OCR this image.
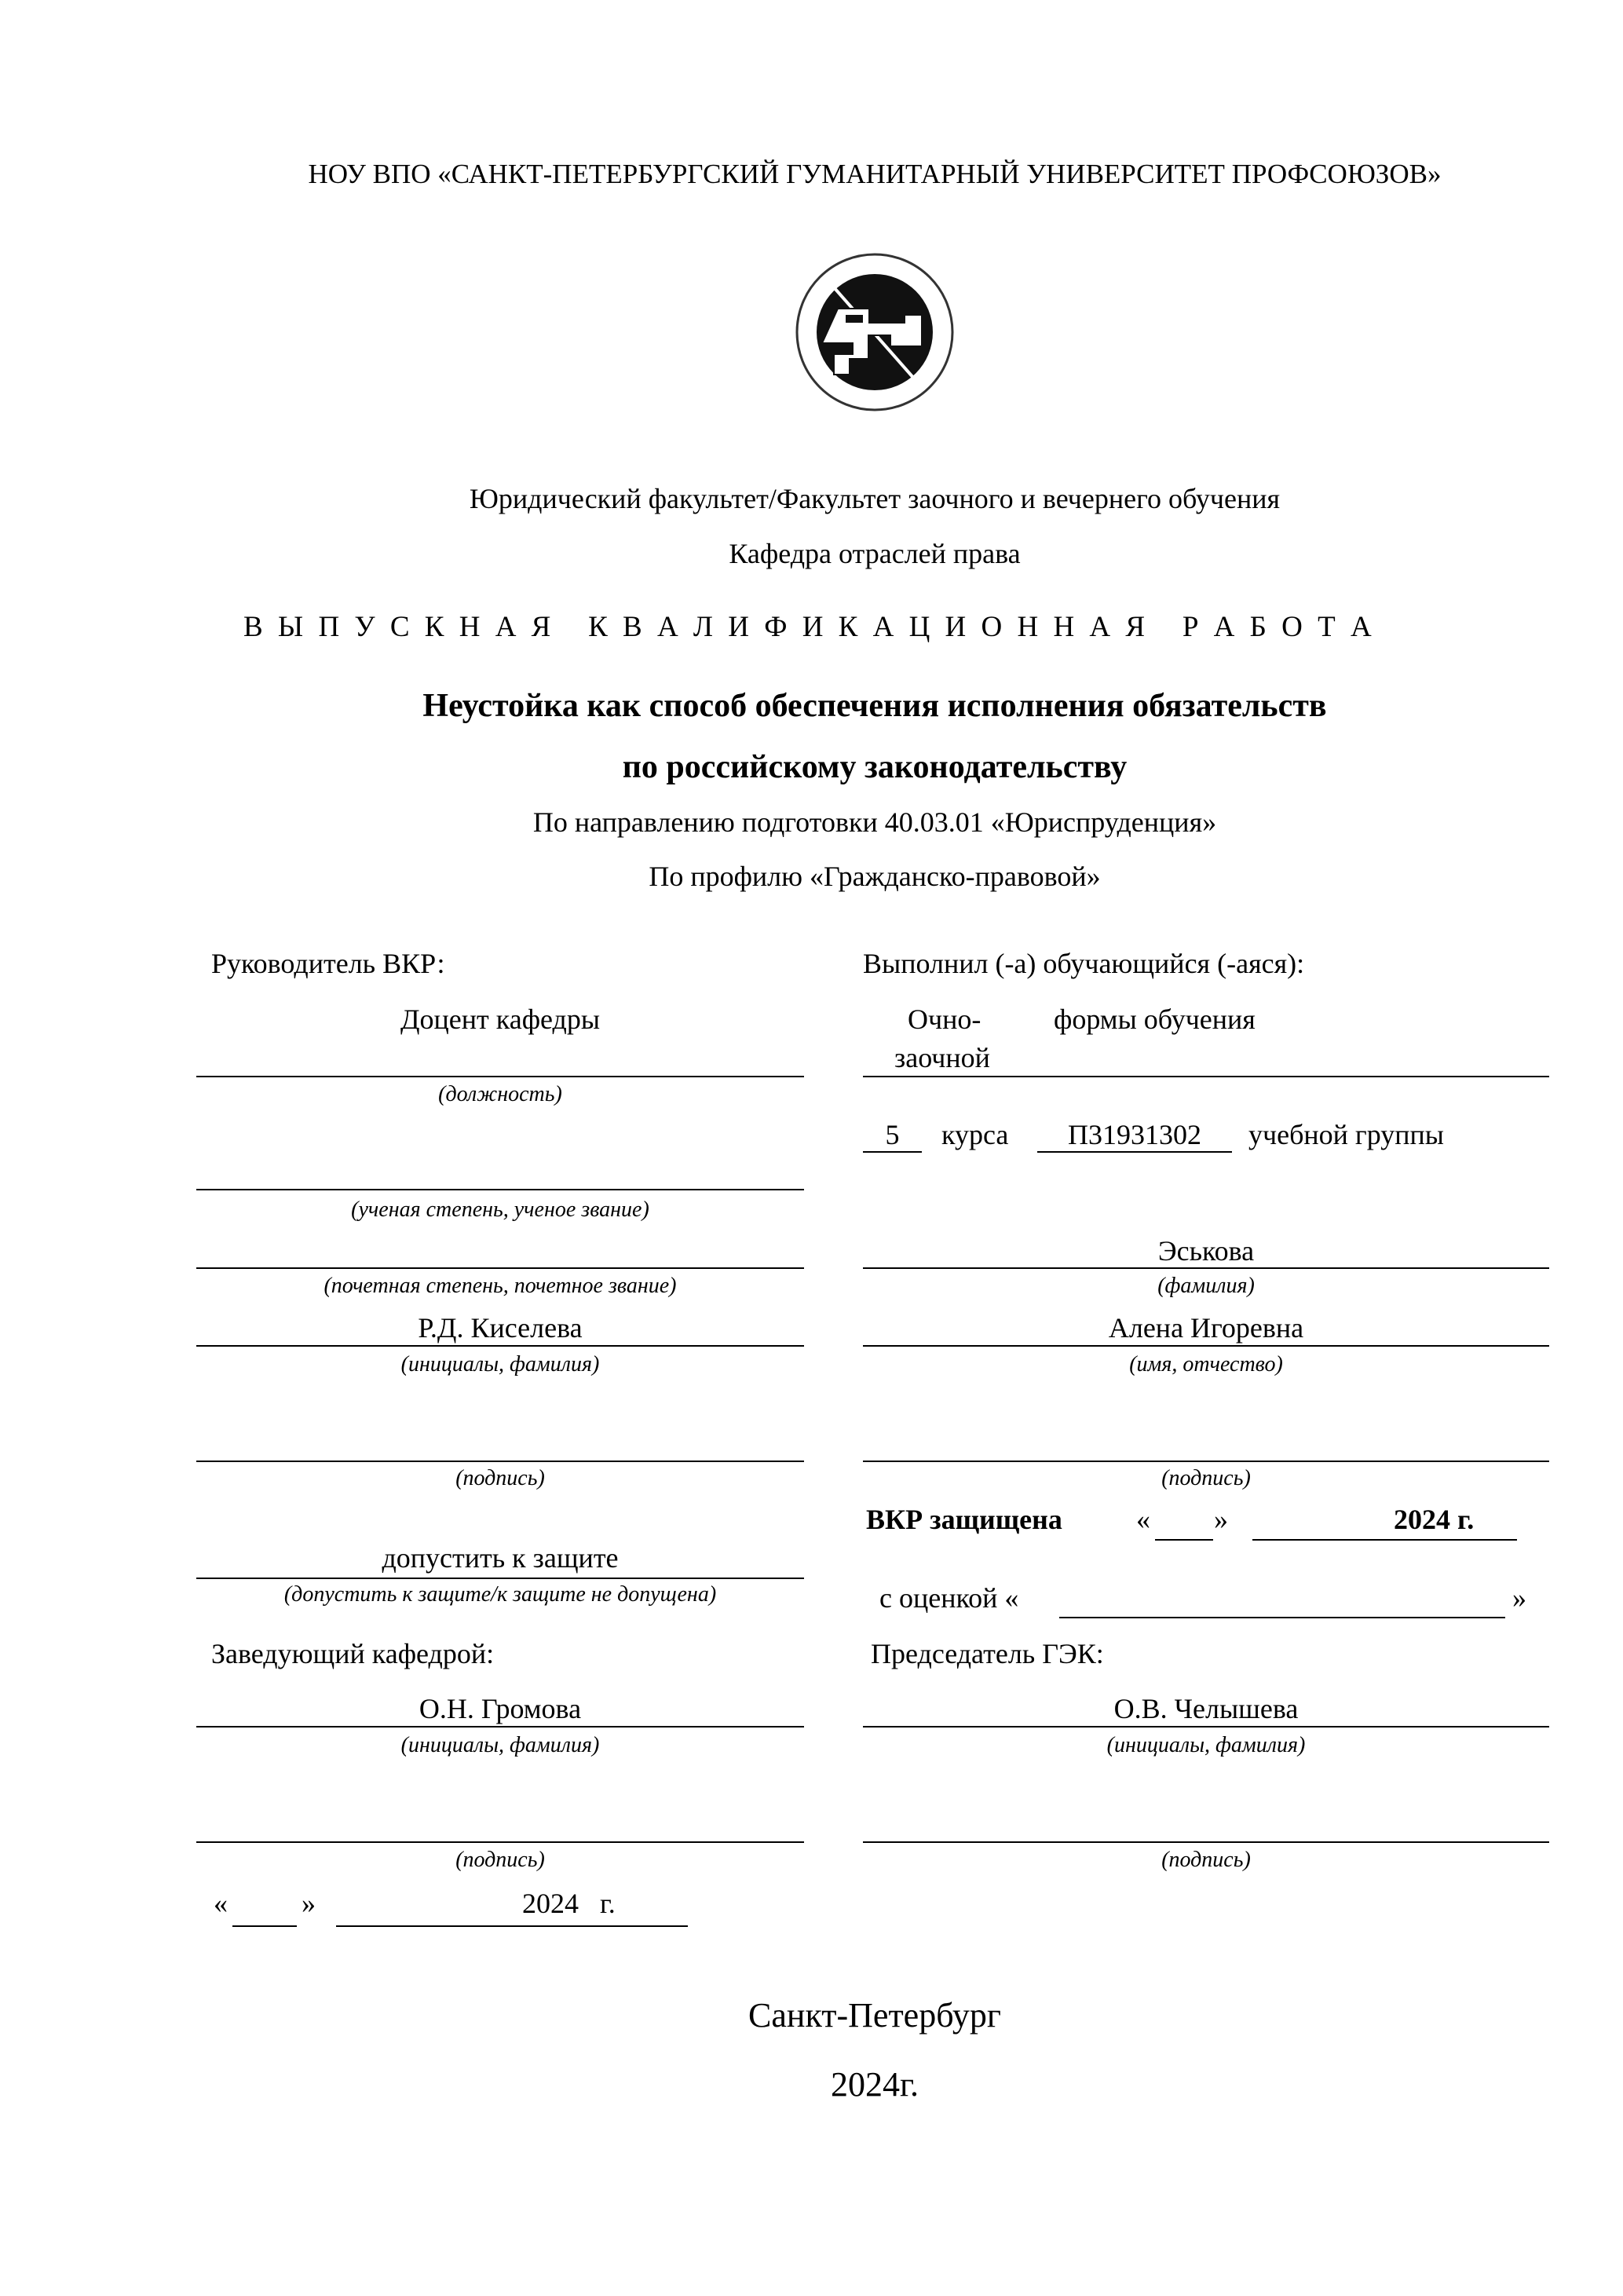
НОУ ВПО «САНКТ-ПЕТЕРБУРГСКИЙ ГУМАНИТАРНЫЙ УНИВЕРСИТЕТ ПРОФСОЮЗОВ»
Юридический факультет/Факультет заочного и вечернего обучения
Кафедра отраслей права
В Ы П У С К Н А Я   К В А Л И Ф И К А Ц И О Н Н А Я   Р А Б О Т А
Неустойка как способ обеспечения исполнения обязательств
по российскому законодательству
По направлению подготовки 40.03.01 «Юриспруденция»
По профилю «Гражданско-правовой»
Руководитель ВКР:
Доцент кафедры
(должность)
(ученая степень, ученое звание)
(почетная степень, почетное звание)
Р.Д. Киселева
(инициалы, фамилия)
(подпись)
допустить к защите
(допустить к защите/к защите не допущена)
Заведующий кафедрой:
О.Н. Громова
(инициалы, фамилия)
(подпись)
«	»	2024   г.
Выполнил (-а) обучающийся (-аяся):
Очно-	формы обучения
заочной
5	курса	П31931302	учебной группы
Эськова
(фамилия)
Алена Игоревна
(имя, отчество)
(подпись)
ВКР защищена	« »	2024 г.
с оценкой «	»
Председатель ГЭК:
О.В. Челышева
(инициалы, фамилия)
(подпись)
Санкт-Петербург
2024г.
